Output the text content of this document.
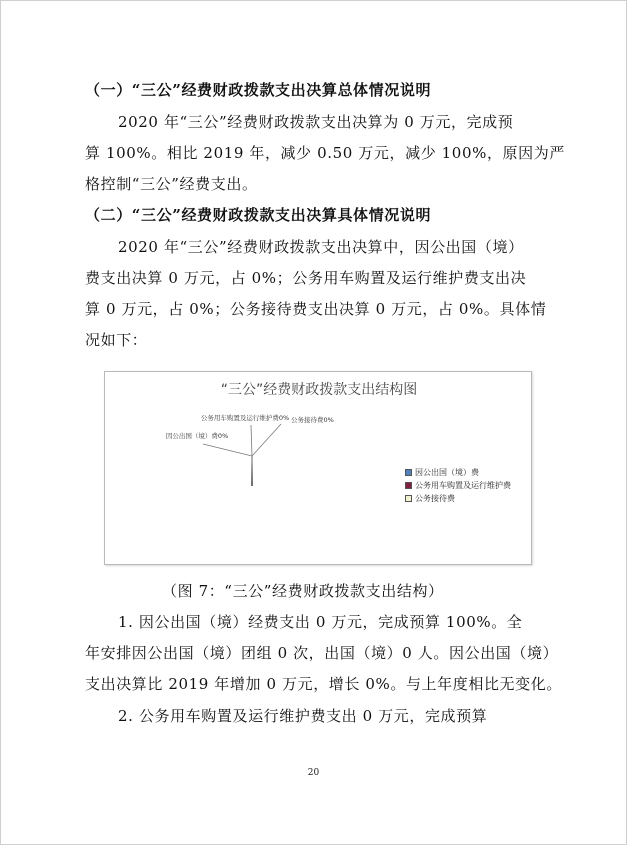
（一）“三公”经费财政拨款支出决算总体情况说明
2020 年“三公”经费财政拨款支出决算为 0 万元，完成预
算 100%。相比 2019 年，减少 0.50 万元，减少 100%，原因为严
格控制“三公”经费支出。
（二）“三公”经费财政拨款支出决算具体情况说明
2020 年“三公”经费财政拨款支出决算中，因公出国（境）
费支出决算 0 万元，占 0%；公务用车购置及运行维护费支出决
算 0 万元，占 0%；公务接待费支出决算 0 万元，占 0%。具体情
况如下：
“三公”经费财政拨款支出结构图
因公出国（境）费0%
公务用车购置及运行维护费0% 公务接待费0%
因公出国（境）费
公务用车购置及运行维护费
公务接待费
（图 7：“三公”经费财政拨款支出结构）
1. 因公出国（境）经费支出 0 万元，完成预算 100%。全
年安排因公出国（境）团组 0 次，出国（境）0 人。因公出国（境）
支出决算比 2019 年增加 0 万元，增长 0%。与上年度相比无变化。
2. 公务用车购置及运行维护费支出 0 万元，完成预算
20
